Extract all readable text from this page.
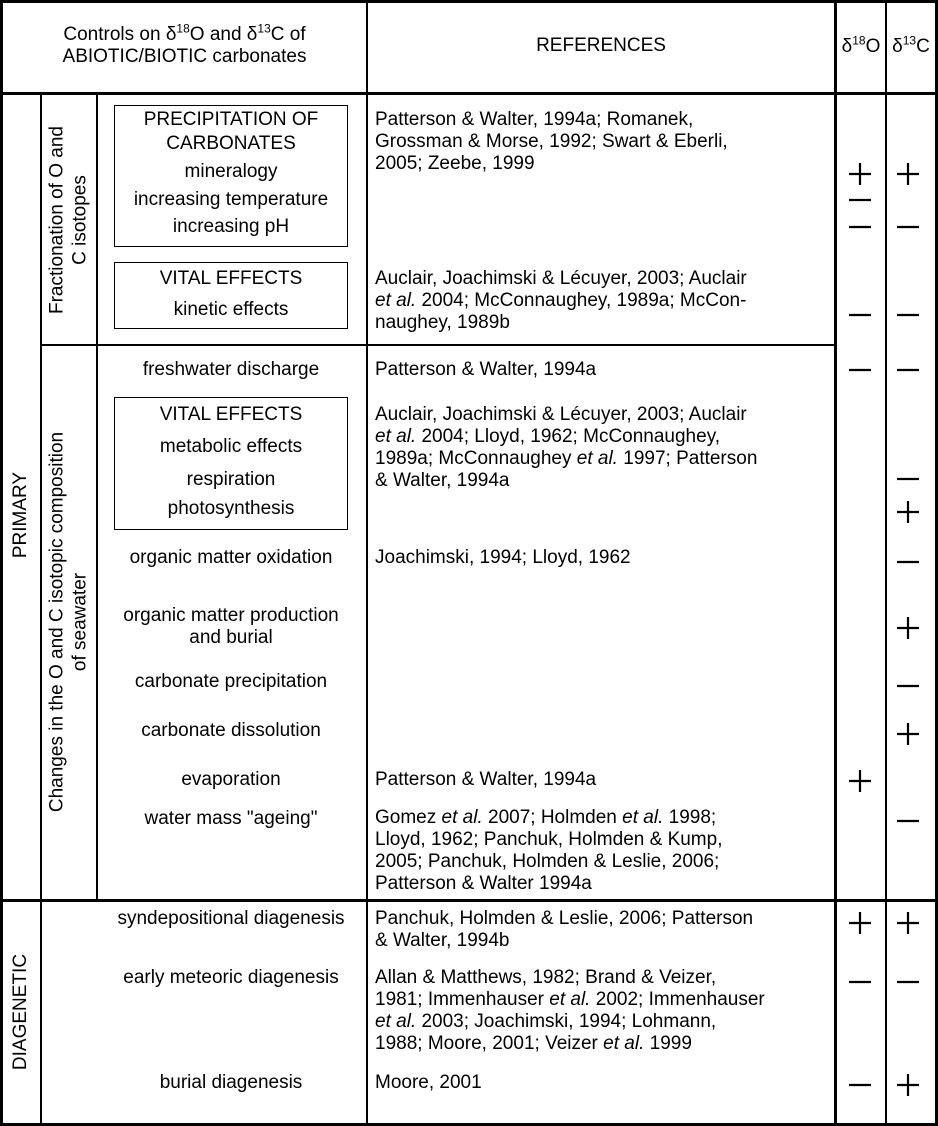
Controls on $\delta^{18}O$ and $\delta^{13}C$ of
ABIOTIC/BIOTIC carbonates
REFERENCES	$\delta^{18}O$ $\delta^{13}C$
PRIMARY
DIAGENETIC
Fractionation of O and
C isotopes
Changes in the O and C isotopic composition
of seawater
PRECIPITATION OF
CARBONATES
mineralogy
increasing temperature
increasing pH
VITAL EFFECTS
kinetic effects
freshwater discharge
VITAL EFFECTS
metabolic effects
respiration
photosynthesis
organic matter oxidation
organic matter production
and burial
carbonate precipitation
carbonate dissolution
evaporation
water mass "ageing"
syndepositional diagenesis
early meteoric diagenesis
burial diagenesis
Patterson & Walter, 1994a; Romanek,
Grossman & Morse, 1992; Swart & Eberli,
2005; Zeebe, 1999
Auclair, Joachimski & Lécuyer, 2003; Auclair
et al. 2004; McConnaughey, 1989a; McCon-
naughey, 1989b
Patterson & Walter, 1994a
Auclair, Joachimski & Lécuyer, 2003; Auclair
et al. 2004; Lloyd, 1962; McConnaughey,
1989a; McConnaughey et al. 1997; Patterson
& Walter, 1994a
Joachimski, 1994; Lloyd, 1962
Patterson & Walter, 1994a
Gomez et al. 2007; Holmden et al. 1998;
Lloyd, 1962; Panchuk, Holmden & Kump,
2005; Panchuk, Holmden & Leslie, 2006;
Patterson & Walter 1994a
Panchuk, Holmden & Leslie, 2006; Patterson
& Walter, 1994b
Allan & Matthews, 1982; Brand & Veizer,
1981; Immenhauser et al. 2002; Immenhauser
et al. 2003; Joachimski, 1994; Lohmann,
1988; Moore, 2001; Veizer et al. 1999
Moore, 2001
